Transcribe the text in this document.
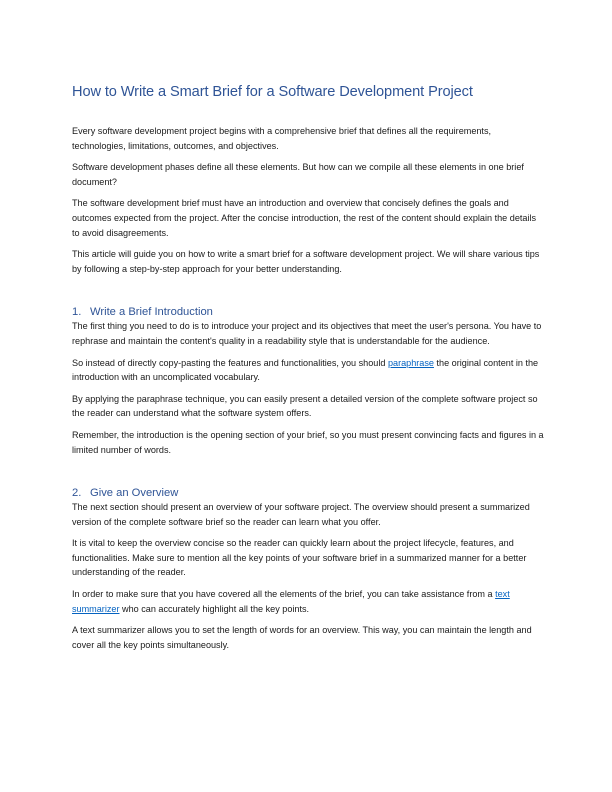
How to Write a Smart Brief for a Software Development Project

Every software development project begins with a comprehensive brief that defines all the requirements, technologies, limitations, outcomes, and objectives.

Software development phases define all these elements. But how can we compile all these elements in one brief document?

The software development brief must have an introduction and overview that concisely defines the goals and outcomes expected from the project. After the concise introduction, the rest of the content should explain the details to avoid disagreements.

This article will guide you on how to write a smart brief for a software development project. We will share various tips by following a step-by-step approach for your better understanding.

1. Write a Brief Introduction

The first thing you need to do is to introduce your project and its objectives that meet the user's persona. You have to rephrase and maintain the content's quality in a readability style that is understandable for the audience.

So instead of directly copy-pasting the features and functionalities, you should paraphrase the original content in the introduction with an uncomplicated vocabulary.

By applying the paraphrase technique, you can easily present a detailed version of the complete software project so the reader can understand what the software system offers.

Remember, the introduction is the opening section of your brief, so you must present convincing facts and figures in a limited number of words.

2. Give an Overview

The next section should present an overview of your software project. The overview should present a summarized version of the complete software brief so the reader can learn what you offer.

It is vital to keep the overview concise so the reader can quickly learn about the project lifecycle, features, and functionalities. Make sure to mention all the key points of your software brief in a summarized manner for a better understanding of the reader.

In order to make sure that you have covered all the elements of the brief, you can take assistance from a text summarizer who can accurately highlight all the key points.

A text summarizer allows you to set the length of words for an overview. This way, you can maintain the length and cover all the key points simultaneously.
